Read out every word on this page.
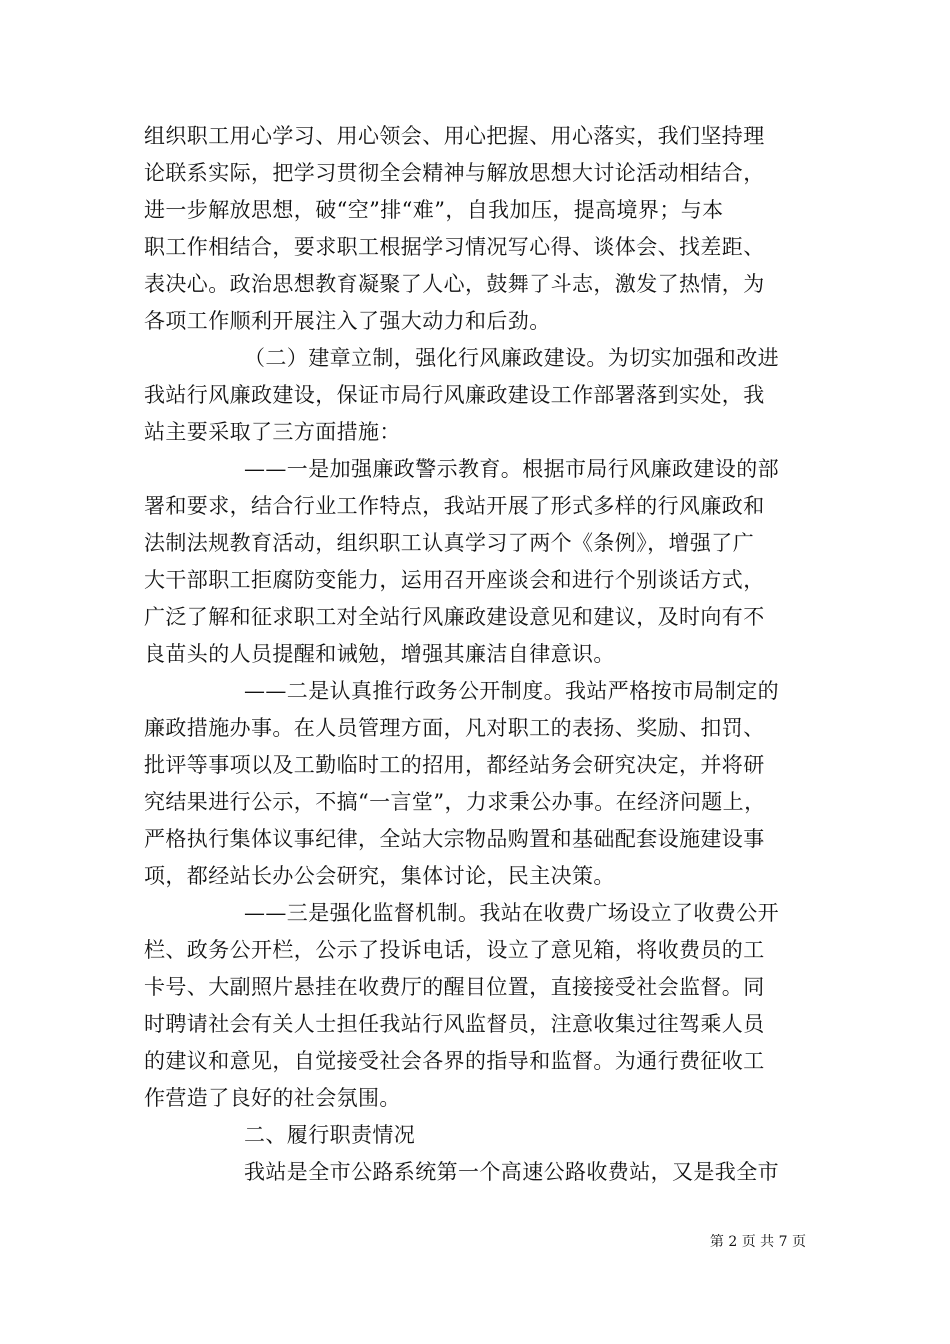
组织职工用心学习、用心领会、用心把握、用心落实，我们坚持理
论联系实际，把学习贯彻全会精神与解放思想大讨论活动相结合，
进一步解放思想，破“空”排“难”，自我加压，提高境界；与本
职工作相结合，要求职工根据学习情况写心得、谈体会、找差距、
表决心。政治思想教育凝聚了人心，鼓舞了斗志，激发了热情，为
各项工作顺利开展注入了强大动力和后劲。
（二）建章立制，强化行风廉政建设。为切实加强和改进
我站行风廉政建设，保证市局行风廉政建设工作部署落到实处，我
站主要采取了三方面措施：
——一是加强廉政警示教育。根据市局行风廉政建设的部
署和要求，结合行业工作特点，我站开展了形式多样的行风廉政和
法制法规教育活动，组织职工认真学习了两个《条例》，增强了广
大干部职工拒腐防变能力，运用召开座谈会和进行个别谈话方式，
广泛了解和征求职工对全站行风廉政建设意见和建议，及时向有不
良苗头的人员提醒和诫勉，增强其廉洁自律意识。
——二是认真推行政务公开制度。我站严格按市局制定的
廉政措施办事。在人员管理方面，凡对职工的表扬、奖励、扣罚、
批评等事项以及工勤临时工的招用，都经站务会研究决定，并将研
究结果进行公示，不搞“一言堂”，力求秉公办事。在经济问题上，
严格执行集体议事纪律，全站大宗物品购置和基础配套设施建设事
项，都经站长办公会研究，集体讨论，民主决策。
——三是强化监督机制。我站在收费广场设立了收费公开
栏、政务公开栏，公示了投诉电话，设立了意见箱，将收费员的工
卡号、大副照片悬挂在收费厅的醒目位置，直接接受社会监督。同
时聘请社会有关人士担任我站行风监督员，注意收集过往驾乘人员
的建议和意见，自觉接受社会各界的指导和监督。为通行费征收工
作营造了良好的社会氛围。
二、履行职责情况
我站是全市公路系统第一个高速公路收费站，又是我全市
第 2 页 共 7 页
